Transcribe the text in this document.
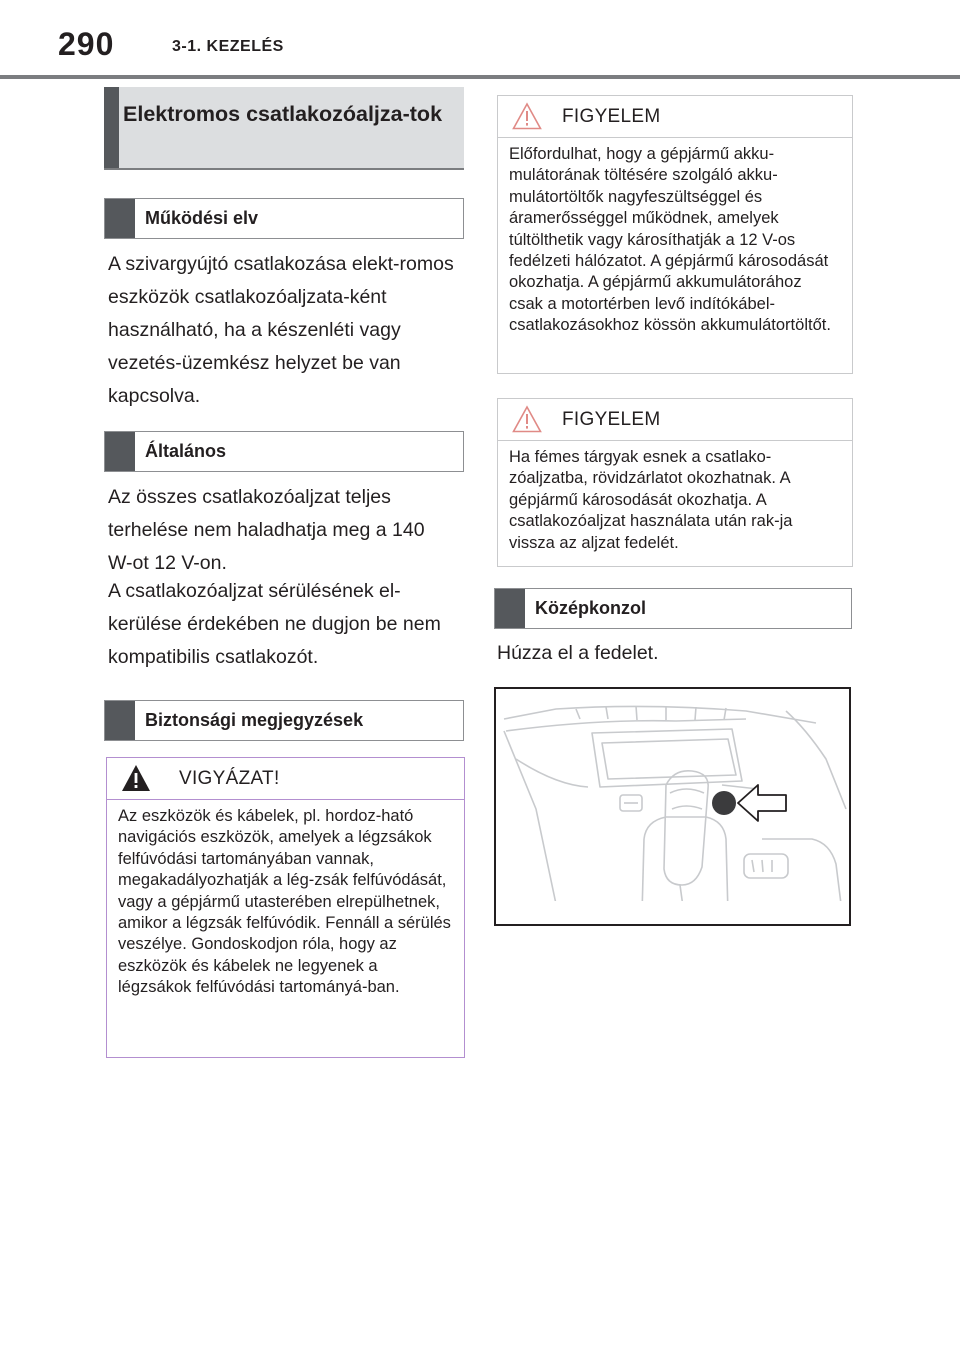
290	3-1. KEZELÉS
Elektromos csatlakozóaljza-tok
Működési elv

A szivargyújtó csatlakozása elekt-romos eszközök csatlakozóaljzata-ként használható, ha a készenléti vagy vezetés-üzemkész helyzet be van kapcsolva.

Általános

Az összes csatlakozóaljzat teljes terhelése nem haladhatja meg a 140 W-ot 12 V-on.

A csatlakozóaljzat sérülésének el-kerülése érdekében ne dugjon be nem kompatibilis csatlakozót.

Biztonsági megjegyzések
VIGYÁZAT!
Az eszközök és kábelek, pl. hordoz-ható navigációs eszközök, amelyek a légzsákok felfúvódási tartományában vannak, megakadályozhatják a lég-zsák felfúvódását, vagy a gépjármű utasterében elrepülhetnek, amikor a légzsák felfúvódik. Fennáll a sérülés veszélye. Gondoskodjon róla, hogy az eszközök és kábelek ne legyenek a légzsákok felfúvódási tartományá-ban.
FIGYELEM
Előfordulhat, hogy a gépjármű akku-mulátorának töltésére szolgáló akku-mulátortöltők nagyfeszültséggel és áramerősséggel működnek, amelyek túltölthetik vagy károsíthatják a 12 V-os fedélzeti hálózatot. A gépjármű károsodását okozhatja. A gépjármű akkumulátorához csak a motortérben levő indítókábel-csatlakozásokhoz kössön akkumulátortöltőt.
FIGYELEM
Ha fémes tárgyak esnek a csatlako-zóaljzatba, rövidzárlatot okozhatnak. A gépjármű károsodását okozhatja. A csatlakozóaljzat használata után rak-ja vissza az aljzat fedelét.
Középkonzol

Húzza el a fedelet.
